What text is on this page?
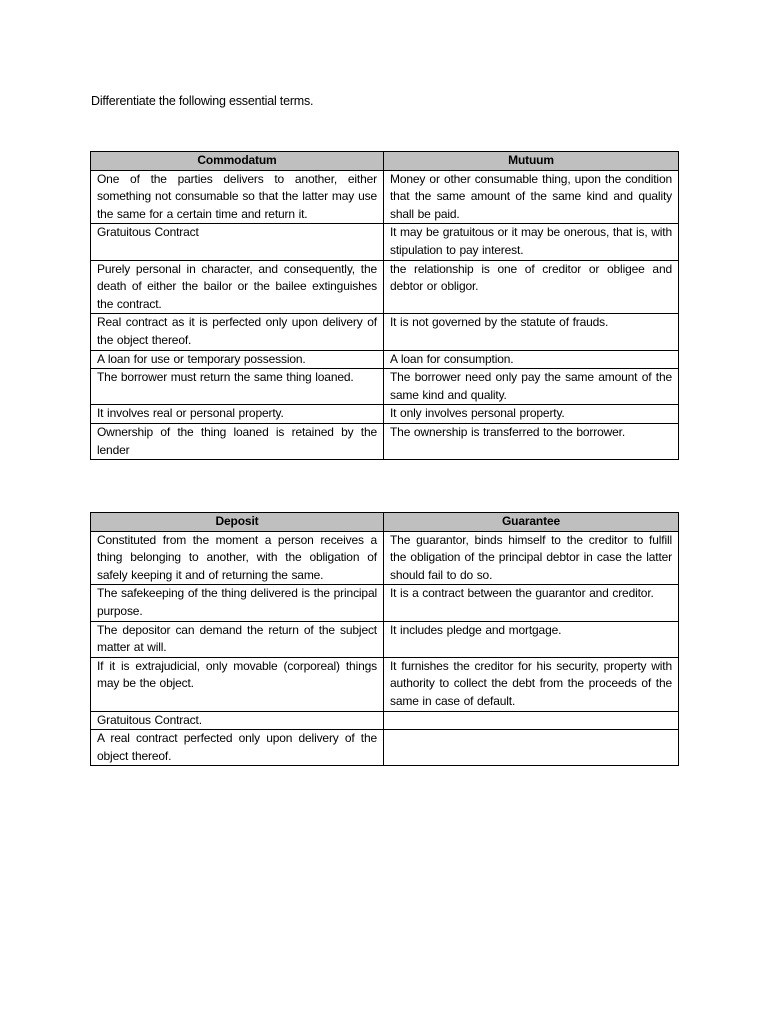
Differentiate the following essential terms.
Commodatum	Mutuum
One of the parties delivers to another, either something not consumable so that the latter may use the same for a certain time and return it.	Money or other consumable thing, upon the condition that the same amount of the same kind and quality shall be paid.
Gratuitous Contract	It may be gratuitous or it may be onerous, that is, with stipulation to pay interest.
Purely personal in character, and consequently, the death of either the bailor or the bailee extinguishes the contract.	the relationship is one of creditor or obligee and debtor or obligor.
Real contract as it is perfected only upon delivery of the object thereof.	It is not governed by the statute of frauds.
A loan for use or temporary possession.	A loan for consumption.
The borrower must return the same thing loaned.	The borrower need only pay the same amount of the same kind and quality.
It involves real or personal property.	It only involves personal property.
Ownership of the thing loaned is retained by the lender	The ownership is transferred to the borrower.
Deposit	Guarantee
Constituted from the moment a person receives a thing belonging to another, with the obligation of safely keeping it and of returning the same.	The guarantor, binds himself to the creditor to fulfill the obligation of the principal debtor in case the latter should fail to do so.
The safekeeping of the thing delivered is the principal purpose.	It is a contract between the guarantor and creditor.
The depositor can demand the return of the subject matter at will.	It includes pledge and mortgage.
If it is extrajudicial, only movable (corporeal) things may be the object.	It furnishes the creditor for his security, property with authority to collect the debt from the proceeds of the same in case of default.
Gratuitous Contract.	
A real contract perfected only upon delivery of the object thereof.	
